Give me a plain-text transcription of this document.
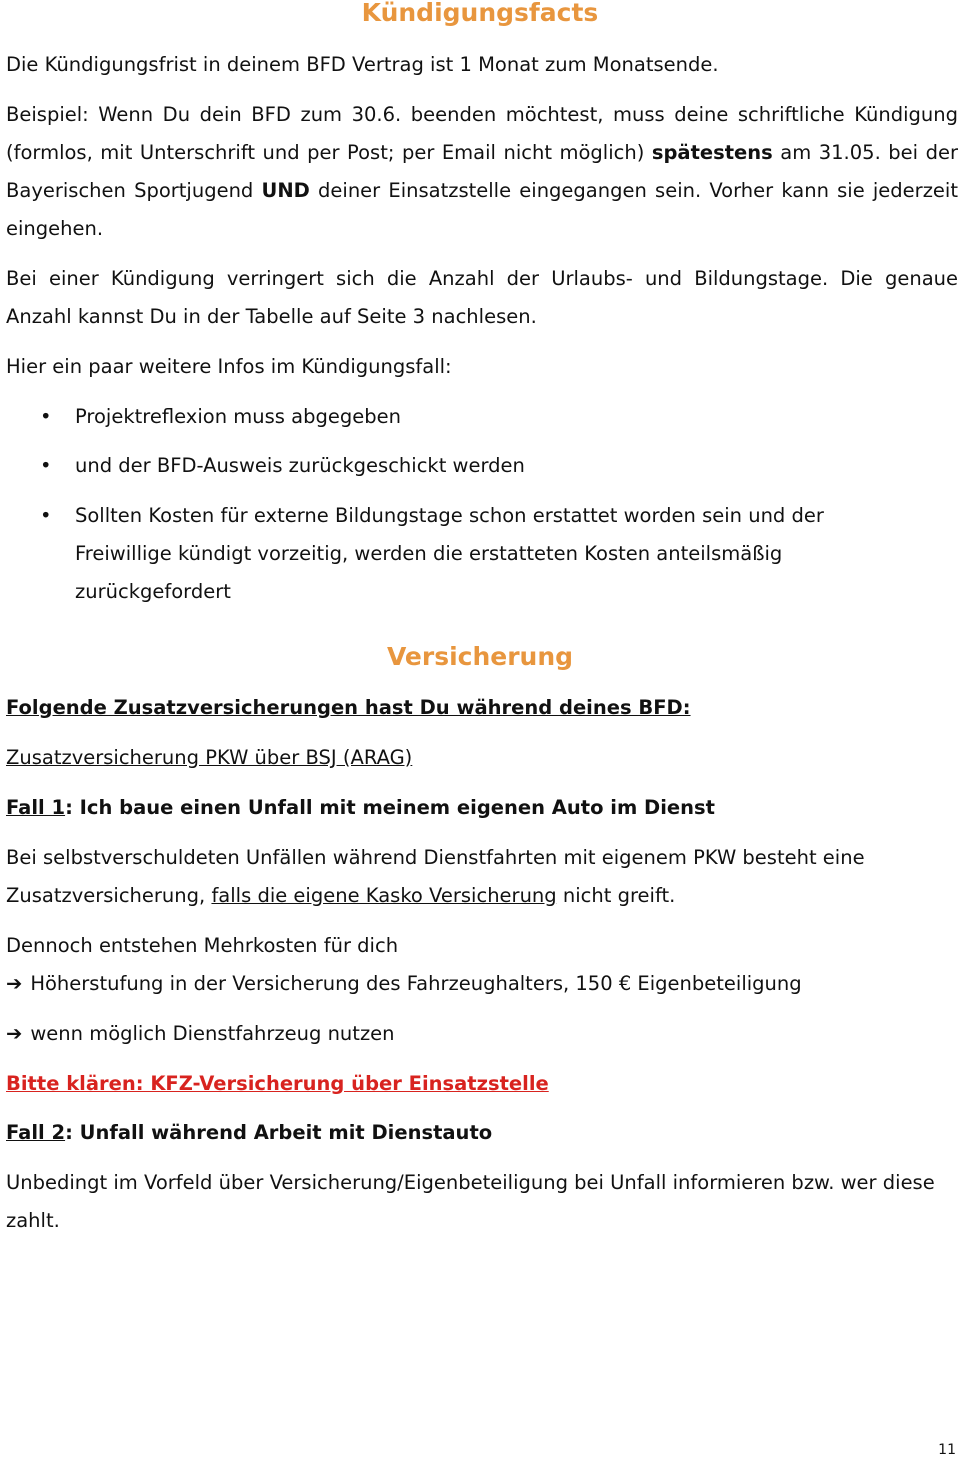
Kündigungsfacts
Die Kündigungsfrist in deinem BFD Vertrag ist 1 Monat zum Monatsende.
Beispiel: Wenn Du dein BFD zum 30.6. beenden möchtest, muss deine schriftliche Kündigung (formlos, mit Unterschrift und per Post; per Email nicht möglich) spätestens am 31.05. bei der Bayerischen Sportjugend UND deiner Einsatzstelle eingegangen sein. Vorher kann sie jederzeit eingehen.
Bei einer Kündigung verringert sich die Anzahl der Urlaubs- und Bildungstage. Die genaue Anzahl kannst Du in der Tabelle auf Seite 3 nachlesen.
Hier ein paar weitere Infos im Kündigungsfall:
• Projektreflexion muss abgegeben
• und der BFD-Ausweis zurückgeschickt werden
• Sollten Kosten für externe Bildungstage schon erstattet worden sein und der Freiwillige kündigt vorzeitig, werden die erstatteten Kosten anteilsmäßig zurückgefordert
Versicherung
Folgende Zusatzversicherungen hast Du während deines BFD:
Zusatzversicherung PKW über BSJ (ARAG)
Fall 1: Ich baue einen Unfall mit meinem eigenen Auto im Dienst
Bei selbstverschuldeten Unfällen während Dienstfahrten mit eigenem PKW besteht eine Zusatzversicherung, falls die eigene Kasko Versicherung nicht greift.
Dennoch entstehen Mehrkosten für dich
➔ Höherstufung in der Versicherung des Fahrzeughalters, 150 € Eigenbeteiligung
➔ wenn möglich Dienstfahrzeug nutzen
Bitte klären: KFZ-Versicherung über Einsatzstelle
Fall 2: Unfall während Arbeit mit Dienstauto
Unbedingt im Vorfeld über Versicherung/Eigenbeteiligung bei Unfall informieren bzw. wer diese zahlt.
11
